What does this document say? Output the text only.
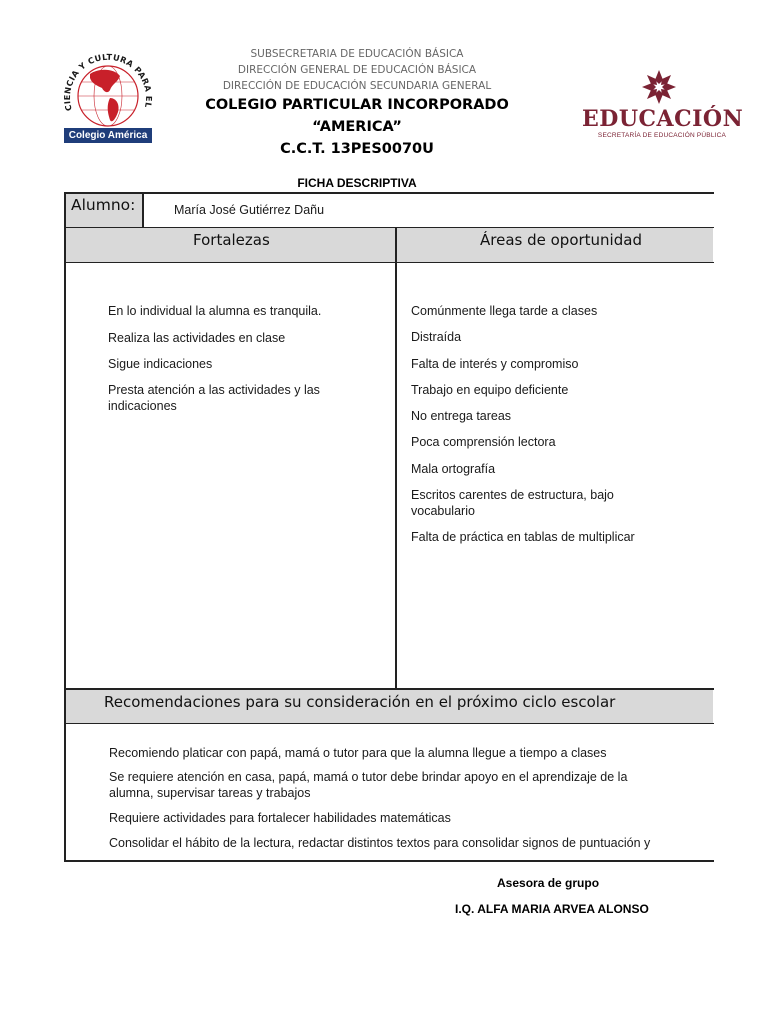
CIENCIA Y CULTURA PARA EL
Colegio América
EDUCACIÓN
SECRETARÍA DE EDUCACIÓN PÚBLICA
SUBSECRETARIA DE EDUCACIÓN BÁSICA
DIRECCIÓN GENERAL DE EDUCACIÓN BÁSICA
DIRECCIÓN DE EDUCACIÓN SECUNDARIA GENERAL
COLEGIO PARTICULAR INCORPORADO
“AMERICA”
C.C.T. 13PES0070U
FICHA DESCRIPTIVA
Alumno:	María José Gutiérrez Dañu
Fortalezas	Áreas de oportunidad
Recomendaciones para su consideración en el próximo ciclo escolar
En lo individual la alumna es tranquila.
Realiza las actividades en clase
Sigue indicaciones
Presta atención a las actividades y las indicaciones
Comúnmente llega tarde a clases
Distraída
Falta de interés y compromiso
Trabajo en equipo deficiente
No entrega tareas
Poca comprensión lectora
Mala ortografía
Escritos carentes de estructura, bajo vocabulario
Falta de práctica en tablas de multiplicar
Recomiendo platicar con papá, mamá o tutor para que la alumna llegue a tiempo a clases
Se requiere atención en casa, papá, mamá o tutor debe brindar apoyo en el aprendizaje de la alumna, supervisar tareas y trabajos
Requiere actividades para fortalecer habilidades matemáticas
Consolidar el hábito de la lectura, redactar distintos textos para consolidar signos de puntuación y
Asesora de grupo
I.Q. ALFA MARIA ARVEA ALONSO
